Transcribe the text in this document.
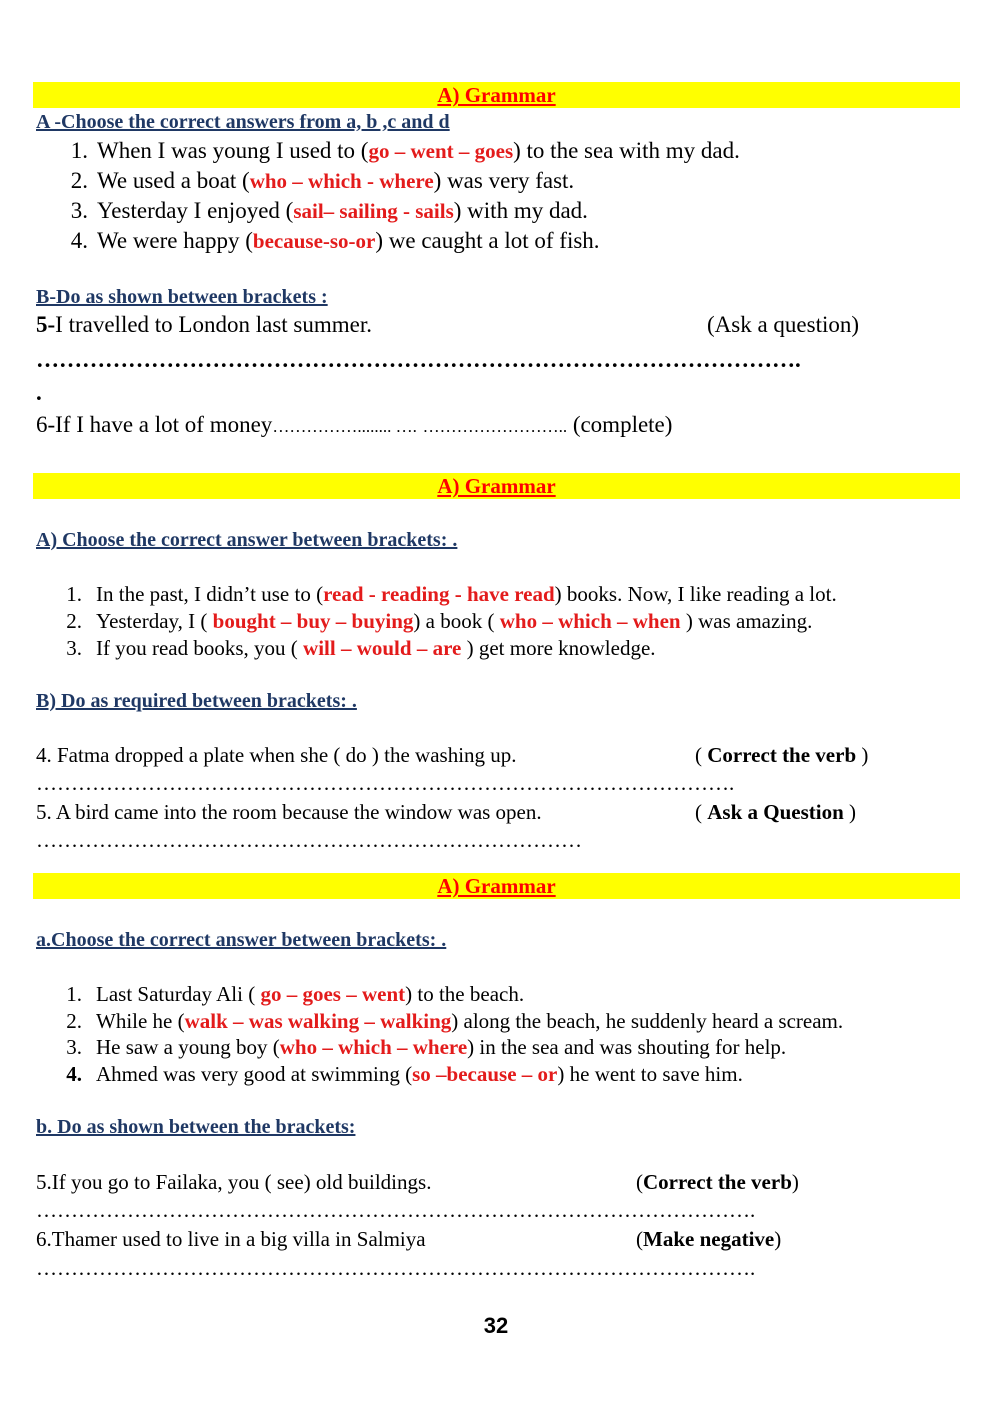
A) Grammar
A -Choose the correct answers from a, b ,c and d
1. When I was young I used to (go – went – goes) to the sea with my dad.
2. We used a boat (who – which - where) was very fast.
3. Yesterday I enjoyed (sail– sailing - sails) with my dad.
4. We were happy (because-so-or) we caught a lot of fish.
B-Do as shown between brackets :
5-I travelled to London last summer.	(Ask a question)
……………………………………………………………………………………….
.
6-If I have a lot of money……………........ …. …………………….. (complete)
A) Grammar
A) Choose the correct answer between brackets: .
1. In the past, I didn’t use to (read - reading - have read) books. Now, I like reading a lot.
2. Yesterday, I ( bought – buy – buying) a book ( who – which – when ) was amazing.
3. If you read books, you ( will – would – are ) get more knowledge.
B) Do as required between brackets: .
4. Fatma dropped a plate when she ( do ) the washing up.	( Correct the verb )
……………………………………………………………………………………….
5. A bird came into the room because the window was open.	( Ask a Question )
……………………………………………………………………
A) Grammar
a.Choose the correct answer between brackets: .
1. Last Saturday Ali ( go – goes – went) to the beach.
2. While he (walk – was walking – walking) along the beach, he suddenly heard a scream.
3. He saw a young boy (who – which – where) in the sea and was shouting for help.
4. Ahmed was very good at swimming (so –because – or) he went to save him.
b. Do as shown between the brackets:
5.If you go to Failaka, you ( see) old buildings.	(Correct the verb)
………………………………………………………………………………………….
6.Thamer used to live in a big villa in Salmiya	(Make negative)
………………………………………………………………………………………….
32
